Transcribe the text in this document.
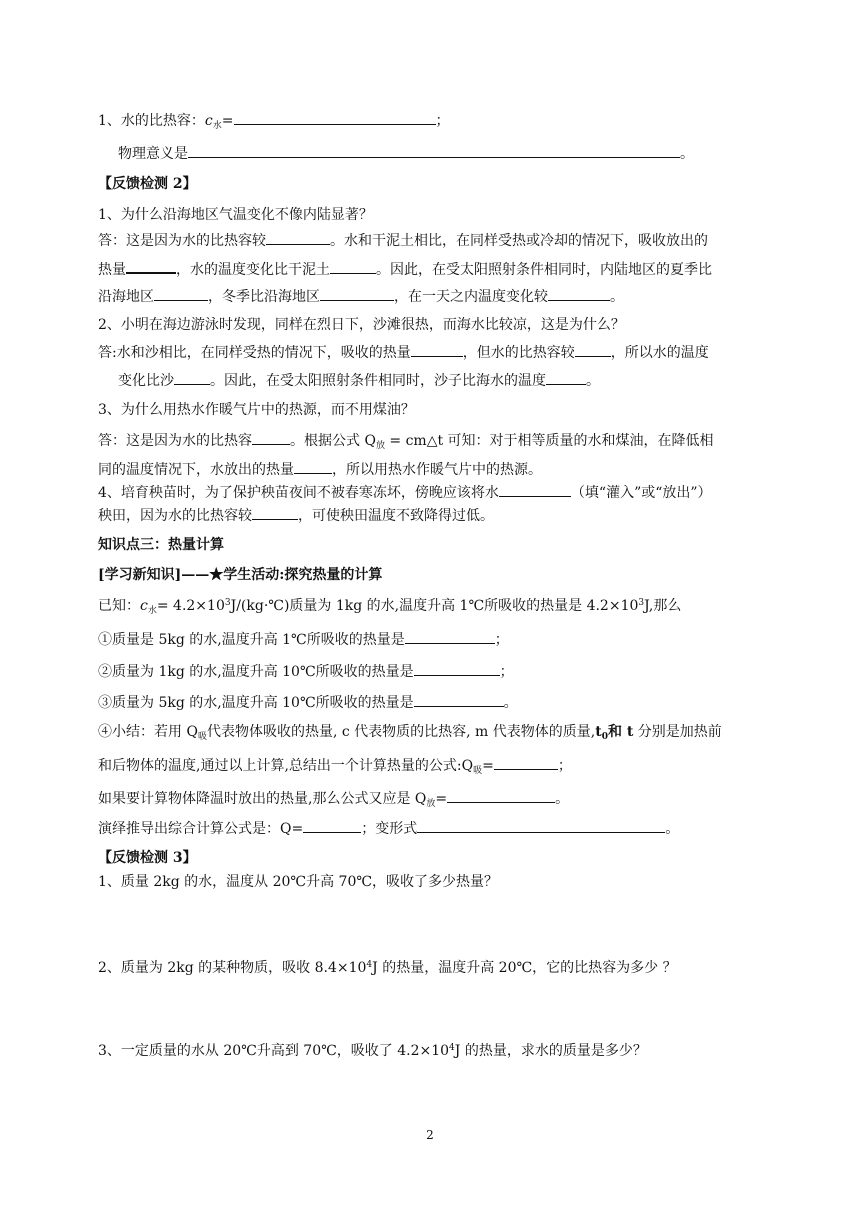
1、水的比热容：$c_水=$	；
物理意义是	。
【反馈检测 2】
1、为什么沿海地区气温变化不像内陆显著？
答：这是因为水的比热容较	。水和干泥土相比，在同样受热或冷却的情况下，吸收放出的
热量	，水的温度变化比干泥土	。因此，在受太阳照射条件相同时，内陆地区的夏季比
沿海地区	，冬季比沿海地区	，在一天之内温度变化较	。
2、小明在海边游泳时发现，同样在烈日下，沙滩很热，而海水比较凉，这是为什么？
答:水和沙相比，在同样受热的情况下，吸收的热量	，但水的比热容较	，所以水的温度
变化比沙	。因此，在受太阳照射条件相同时，沙子比海水的温度	。
3、为什么用热水作暖气片中的热源，而不用煤油？
答：这是因为水的比热容	。根据公式 $Q_放$ = cm△t 可知：对于相等质量的水和煤油，在降低相
同的温度情况下，水放出的热量	，所以用热水作暖气片中的热源。
4、培育秧苗时，为了保护秧苗夜间不被春寒冻坏，傍晚应该将水	（填“灌入”或“放出”）
秧田，因为水的比热容较	，可使秧田温度不致降得过低。
知识点三：热量计算
[学习新知识]——★学生活动:探究热量的计算
已知：$c_水=$ $4.2\times 10^3J/(kg\cdot℃)$质量为 1kg 的水,温度升高 1℃所吸收的热量是 $4.2\times 10^3J$,那么
①质量是 5kg 的水,温度升高 1℃所吸收的热量是	；
②质量为 1kg 的水,温度升高 10℃所吸收的热量是	；
③质量为 5kg 的水,温度升高 10℃所吸收的热量是	。
④小结：若用 $Q_吸$代表物体吸收的热量, c 代表物质的比热容, m 代表物体的质量$,t_0$和 t 分别是加热前
和后物体的温度,通过以上计算,总结出一个计算热量的公式$:Q_吸=$	；
如果要计算物体降温时放出的热量,那么公式又应是 $Q_放=$	。
演绎推导出综合计算公式是：Q=	；变形式	。
【反馈检测 3】
1、质量 2kg 的水，温度从 20℃升高 70℃，吸收了多少热量？
2、质量为 2kg 的某种物质，吸收 $8.4\times 10^4J$ 的热量，温度升高 20℃，它的比热容为多少 ？
3、一定质量的水从 20℃升高到 70℃，吸收了 $4.2\times 10^4J$ 的热量，求水的质量是多少？
2
